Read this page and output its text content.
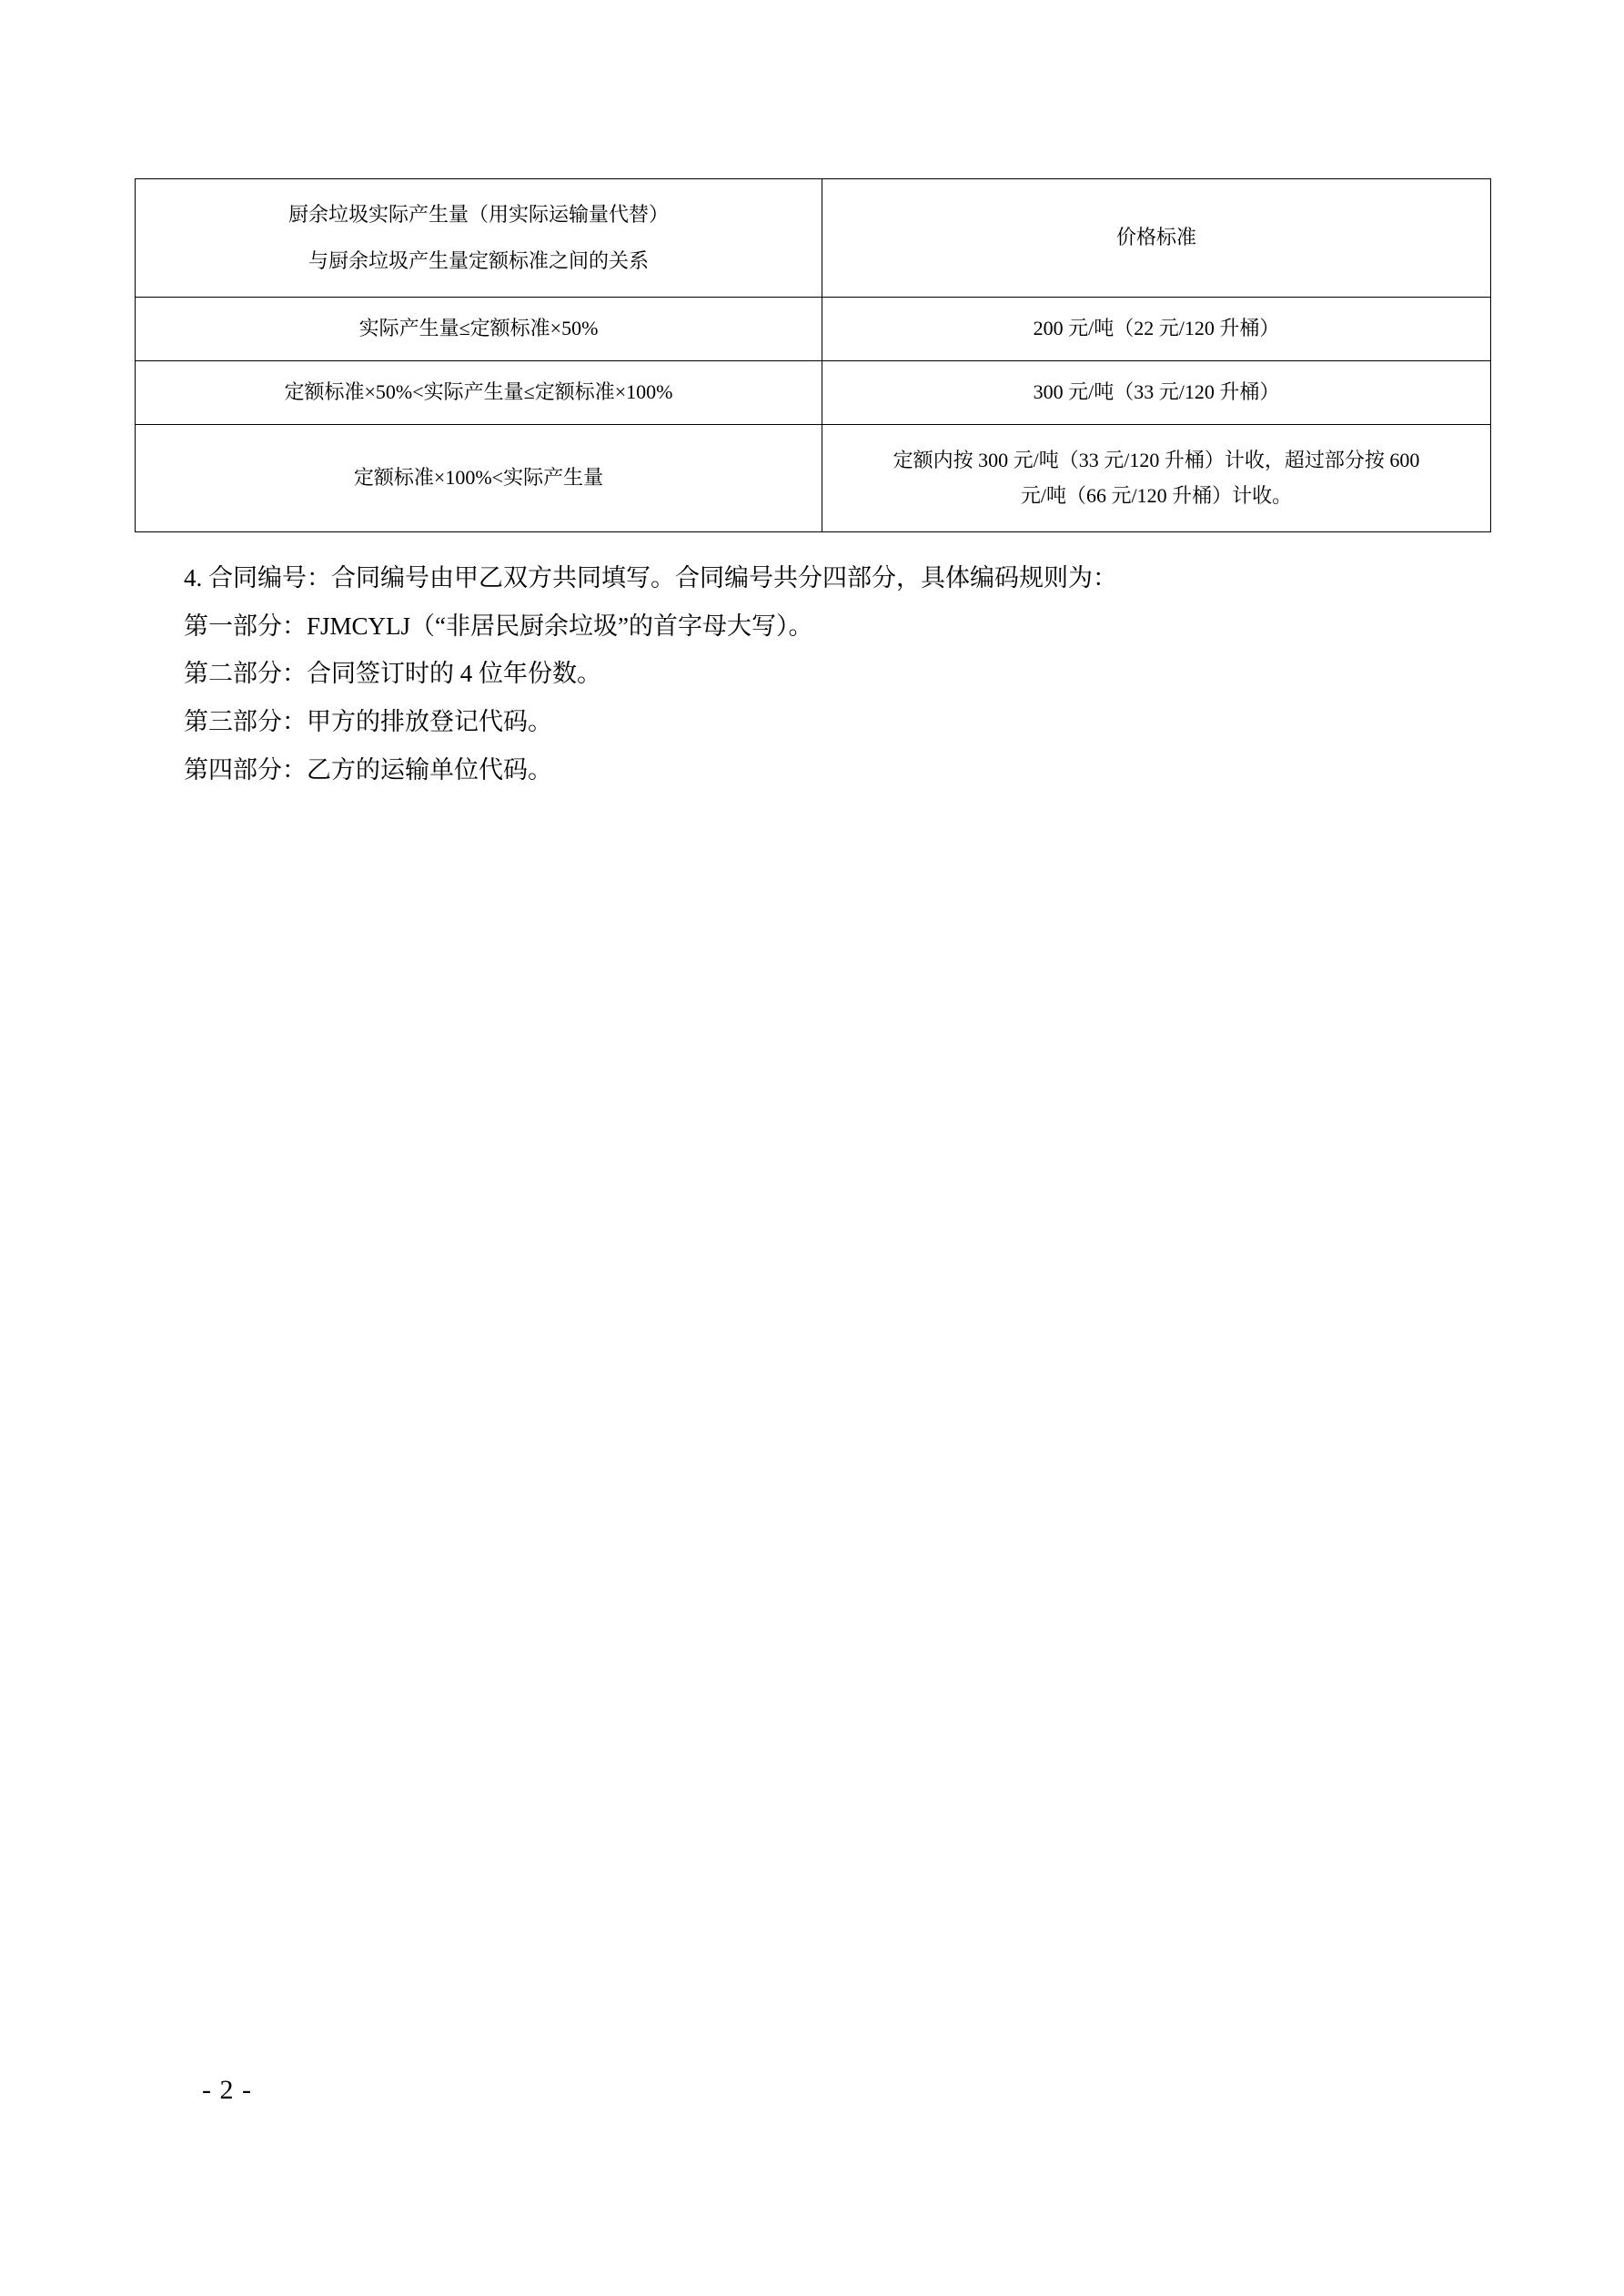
厨余垃圾实际产生量（用实际运输量代替）
与厨余垃圾产生量定额标准之间的关系	价格标准
实际产生量≤定额标准×50%	200 元/吨（22 元/120 升桶）
定额标准×50%<实际产生量≤定额标准×100%	300 元/吨（33 元/120 升桶）
定额标准×100%<实际产生量	定额内按 300 元/吨（33 元/120 升桶）计收，超过部分按 600
元/吨（66 元/120 升桶）计收。

4. 合同编号：合同编号由甲乙双方共同填写。合同编号共分四部分，具体编码规则为：

第一部分：FJMCYLJ（“非居民厨余垃圾”的首字母大写）。

第二部分：合同签订时的 4 位年份数。

第三部分：甲方的排放登记代码。

第四部分：乙方的运输单位代码。

- 2 -
